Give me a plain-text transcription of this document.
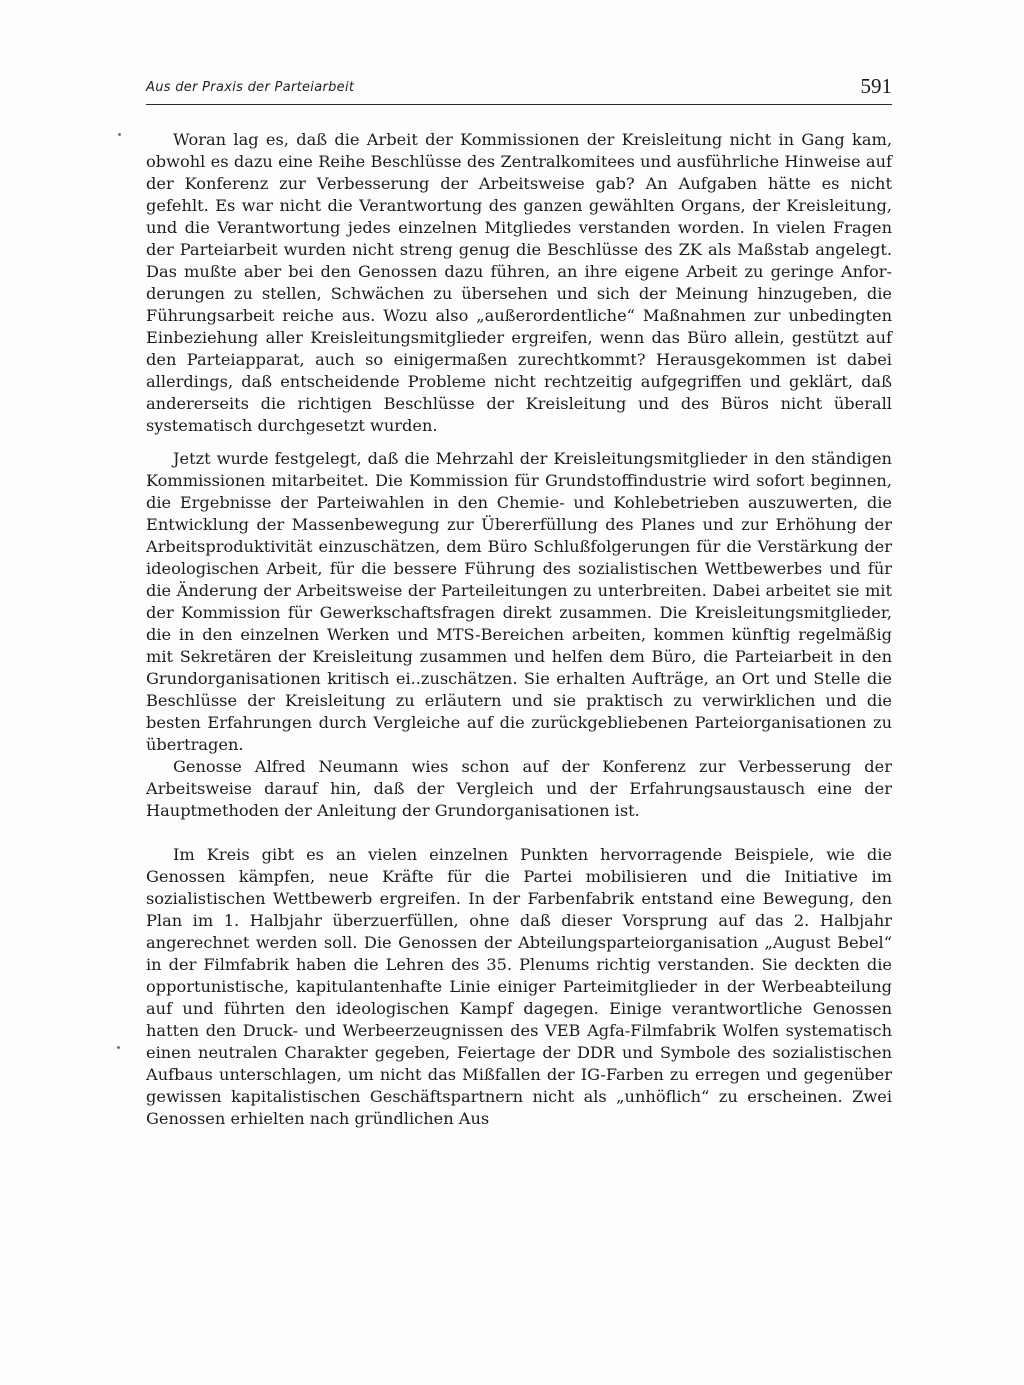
Aus der Praxis der Parteiarbeit	591

Woran lag es, daß die Arbeit der Kommissionen der Kreisleitung nicht in Gang kam, obwohl es dazu eine Reihe Beschlüsse des Zentralkomitees und ausführliche Hinweise auf der Konferenz zur Verbesserung der Arbeitsweise gab? An Aufgaben hätte es nicht gefehlt. Es war nicht die Verantwortung des ganzen gewählten Organs, der Kreisleitung, und die Verantwortung jedes einzelnen Mitgliedes verstanden worden. In vielen Fragen der Parteiarbeit wurden nicht streng genug die Beschlüsse des ZK als Maßstab angelegt. Das mußte aber bei den Genossen dazu führen, an ihre eigene Arbeit zu geringe Anforderungen zu stellen, Schwächen zu übersehen und sich der Meinung hinzugeben, die Führungsarbeit reiche aus. Wozu also „außerordentliche“ Maßnahmen zur unbedingten Einbeziehung aller Kreisleitungsmitglieder ergreifen, wenn das Büro allein, gestützt auf den Parteiapparat, auch so einigermaßen zurechtkommt? Herausgekommen ist dabei allerdings, daß entscheidende Probleme nicht rechtzeitig aufgegriffen und geklärt, daß andererseits die richtigen Beschlüsse der Kreisleitung und des Büros nicht überall systematisch durchgesetzt wurden.

Jetzt wurde festgelegt, daß die Mehrzahl der Kreisleitungsmitglieder in den ständigen Kommissionen mitarbeitet. Die Kommission für Grundstoffindustrie wird sofort beginnen, die Ergebnisse der Parteiwahlen in den Chemie- und Kohlebetrieben auszuwerten, die Entwicklung der Massenbewegung zur Übererfüllung des Planes und zur Erhöhung der Arbeitsproduktivität einzuschätzen, dem Büro Schlußfolgerungen für die Verstärkung der ideologischen Arbeit, für die bessere Führung des sozialistischen Wettbewerbes und für die Änderung der Arbeitsweise der Parteileitungen zu unterbreiten. Dabei arbeitet sie mit der Kommission für Gewerkschaftsfragen direkt zusammen. Die Kreisleitungsmitglieder, die in den einzelnen Werken und MTS-Bereichen arbeiten, kommen künftig regelmäßig mit Sekretären der Kreisleitung zusammen und helfen dem Büro, die Parteiarbeit in den Grundorganisationen kritisch ei..zuschätzen. Sie erhalten Aufträge, an Ort und Stelle die Beschlüsse der Kreisleitung zu erläutern und sie praktisch zu verwirklichen und die besten Erfahrungen durch Vergleiche auf die zurückgebliebenen Parteiorganisationen zu übertragen.

Genosse Alfred Neumann wies schon auf der Konferenz zur Verbesserung der Arbeitsweise darauf hin, daß der Vergleich und der Erfahrungsaustausch eine der Hauptmethoden der Anleitung der Grundorganisationen ist.

Im Kreis gibt es an vielen einzelnen Punkten hervorragende Beispiele, wie die Genossen kämpfen, neue Kräfte für die Partei mobilisieren und die Initiative im sozialistischen Wettbewerb ergreifen. In der Farbenfabrik entstand eine Bewegung, den Plan im 1. Halbjahr überzuerfüllen, ohne daß dieser Vorsprung auf das 2. Halbjahr angerechnet werden soll. Die Genossen der Abteilungsparteiorganisation „August Bebel“ in der Filmfabrik haben die Lehren des 35. Plenums richtig verstanden. Sie deckten die opportunistische, kapitulantenhafte Linie einiger Parteimitglieder in der Werbeabteilung auf und führten den ideologischen Kampf dagegen. Einige verantwortliche Genossen hatten den Druck- und Werbeerzeugnissen des VEB Agfa-Filmfabrik Wolfen systematisch einen neutralen Charakter gegeben, Feiertage der DDR und Symbole des sozialistischen Aufbaus unterschlagen, um nicht das Mißfallen der IG-Farben zu erregen und gegenüber gewissen kapitalistischen Geschäftspartnern nicht als „unhöflich“ zu erscheinen. Zwei Genossen erhielten nach gründlichen Aus
